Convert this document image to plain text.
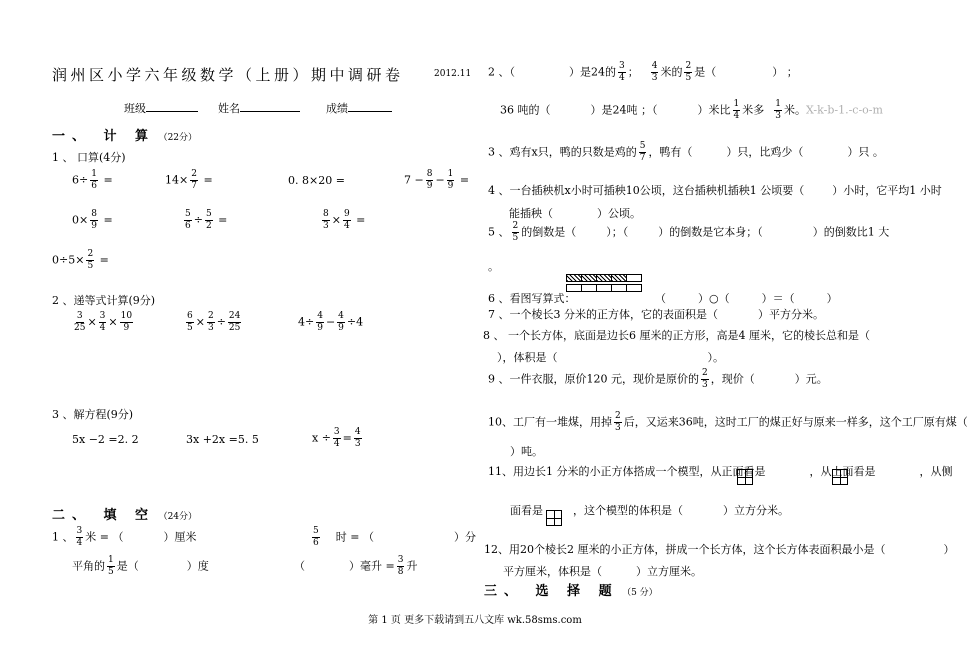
润州区小学六年级数学（上册）期中调研卷	2012.11
班级	姓名	成绩
一、 计 算 （22分）
1 、 口算(4分)
$6\div \frac{1}{6}$ =	$14\times \frac{2}{7}$ =	0. 8×20 =	$7 - \frac{8}{9} - \frac{1}{9}$ =
$0\times \frac{8}{9}$ =	$\frac{5}{6} \div \frac{5}{2}$ =	$\frac{8}{3} \times \frac{9}{4}$ =
$0\div 5\times \frac{2}{5}$ =
2 、递等式计算(9分)
$\frac{3}{25} \times \frac{3}{4} \times \frac{10}{9}$	$\frac{6}{5} \times \frac{2}{3} \div \frac{24}{25}$	$4\div \frac{4}{9} - \frac{4}{9} \div 4$
3 、解方程(9分)
5x −2 =2. 2	3x +2x =5. 5	$x \div \frac{3}{4} = \frac{4}{3}$
二、 填 空 （24分）
1 、 $\frac{3}{4}$ 米 = （	）厘米	$\frac{5}{6}$ 时 = （	）分
平角的 $\frac{1}{5}$ 是（	）度	（	）毫升 = $\frac{3}{8}$ 升
2 、（	）是24的 $\frac{3}{4}$ ； $\frac{4}{3}$ 米的 $\frac{2}{5}$ 是（	） ；
36 吨的（	）是24吨 ；（	）米比 $\frac{1}{4}$ 米多 $\frac{1}{3}$ 米。X-k-b-1.-c-o-m
3 、鸡有x只，鸭的只数是鸡的 $\frac{5}{7}$ ，鸭有（	）只，比鸡少（	）只 。
4 、一台插秧机x小时可插秧10公顷，这台插秧机插秧1 公顷要（	）小时，它平均1 小时
能插秧（	）公顷。
5 、 $\frac{2}{5}$ 的倒数是（	）；（	）的倒数是它本身；（	）的倒数比1 大
。
6 、看图写算式：	（	）○（	）＝（	）
7 、一个棱长3 分米的正方体，它的表面积是（	）平方分米。
8 、 一个长方体，底面是边长6 厘米的正方形，高是4 厘米，它的棱长总和是（
），体积是（	）。
9 、一件衣服，原价120 元，现价是原价的 $\frac{2}{3}$ ，现价（	）元。
10、工厂有一堆煤，用掉 $\frac{2}{3}$ 后，又运来36吨，这时工厂的煤正好与原来一样多，这个工厂原有煤（
）吨。
11、用边长1 分米的小正方体搭成一个模型，从正面看是	，从上面看是	，从侧
面看是	，这个模型的体积是（	）立方分米。
12、用20个棱长2 厘米的小正方体，拼成一个长方体，这个长方体表面积最小是（	）
平方厘米，体积是（	）立方厘米。
三、 选 择 题 （5 分）
第 1 页 更多下载请到五八文库 wk.58sms.com
